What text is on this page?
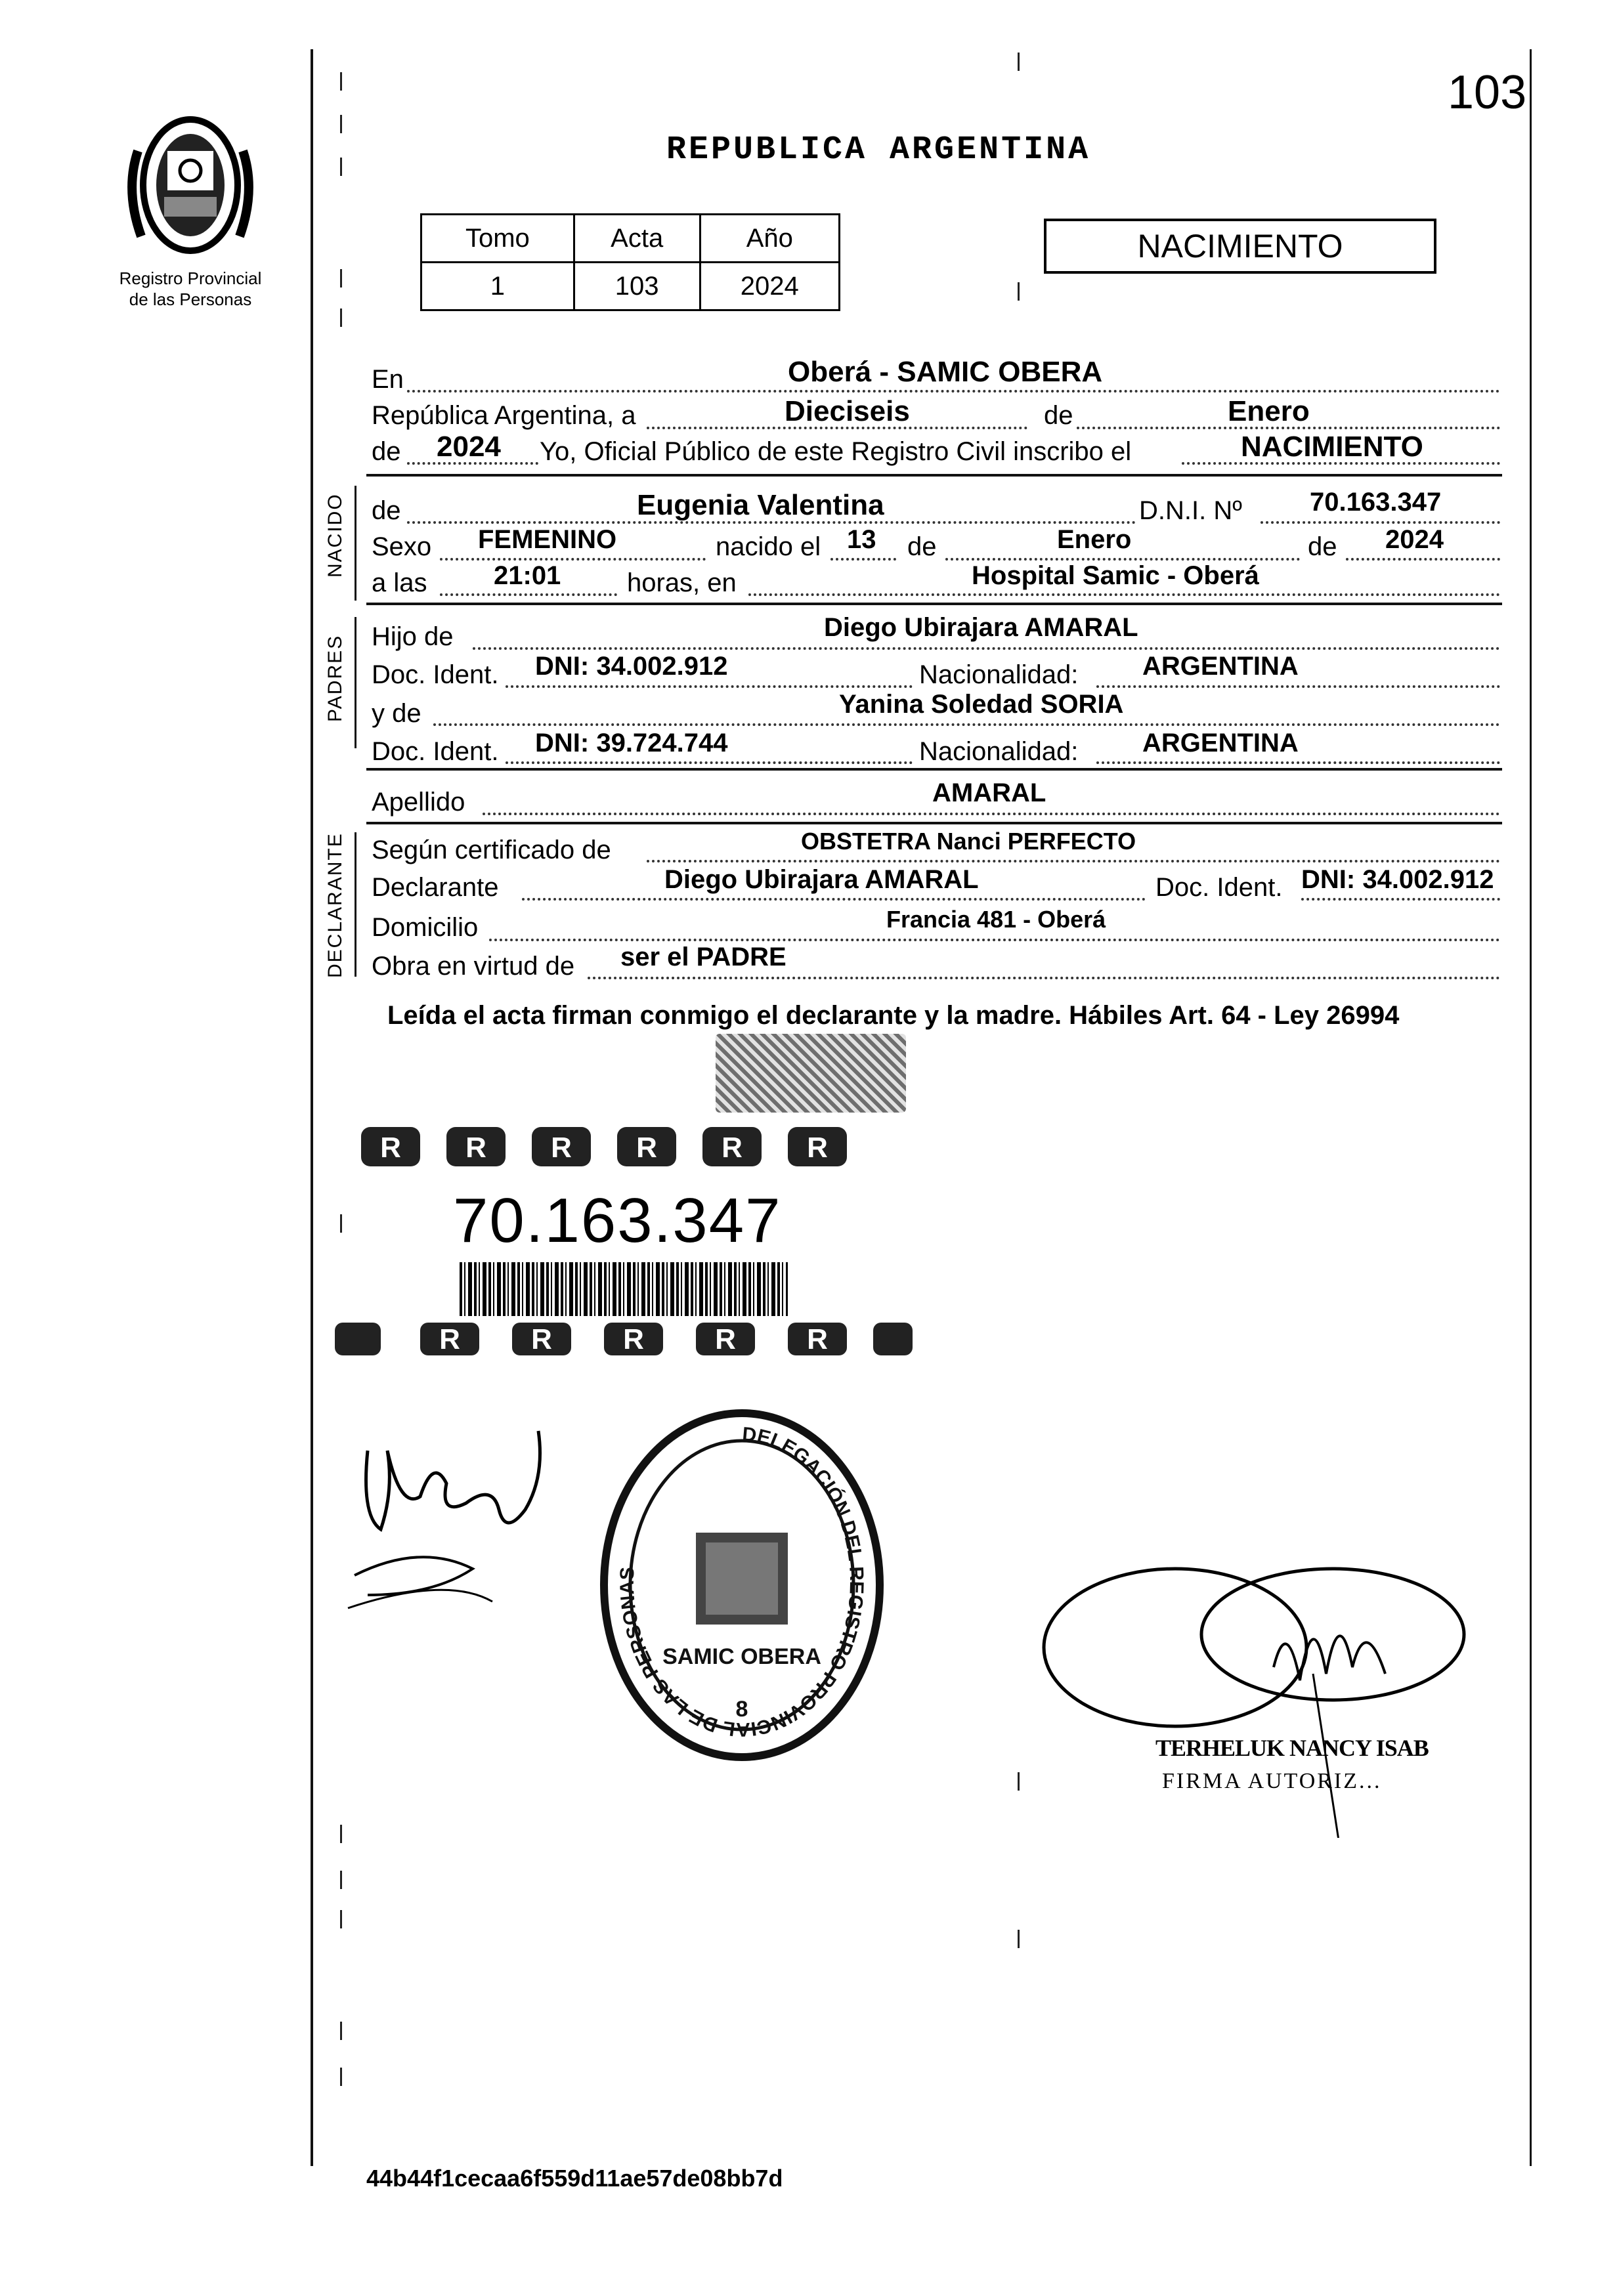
103
Registro Provincial
de las Personas
REPUBLICA ARGENTINA
Tomo	Acta	Año
1	103	2024
NACIMIENTO
En	Oberá - SAMIC OBERA
República Argentina, a	Dieciseis	de	Enero
de 2024 Yo, Oficial Público de este Registro Civil inscribo el	NACIMIENTO
NACIDO de	Eugenia Valentina	D.N.I. Nº	70.163.347
Sexo FEMENINO	nacido el 13 de	Enero	de 2024
a las	21:01	horas, en	Hospital Samic - Oberá
PADRES Hijo de	Diego Ubirajara AMARAL
Doc. Ident. DNI: 34.002.912	Nacionalidad: ARGENTINA
y de	Yanina Soledad SORIA
Doc. Ident. DNI: 39.724.744	Nacionalidad: ARGENTINA
Apellido	AMARAL
DECLARANTE Según certificado de	OBSTETRA Nanci PERFECTO
Declarante	Diego Ubirajara AMARAL	Doc. Ident. DNI: 34.002.912
Domicilio	Francia 481 - Oberá
Obra en virtud de ser el PADRE
Leída el acta firman conmigo el declarante y la madre. Hábiles Art. 64 - Ley 26994
R R R R R R
R R R R R
70.163.347
DELEGACIÓN DEL REGISTRO PROVINCIAL DE LAS PERSONAS
SAMIC OBERA
8
TERHELUK NANCY ISAB
FIRMA AUTORIZ...
44b44f1cecaa6f559d11ae57de08bb7d
